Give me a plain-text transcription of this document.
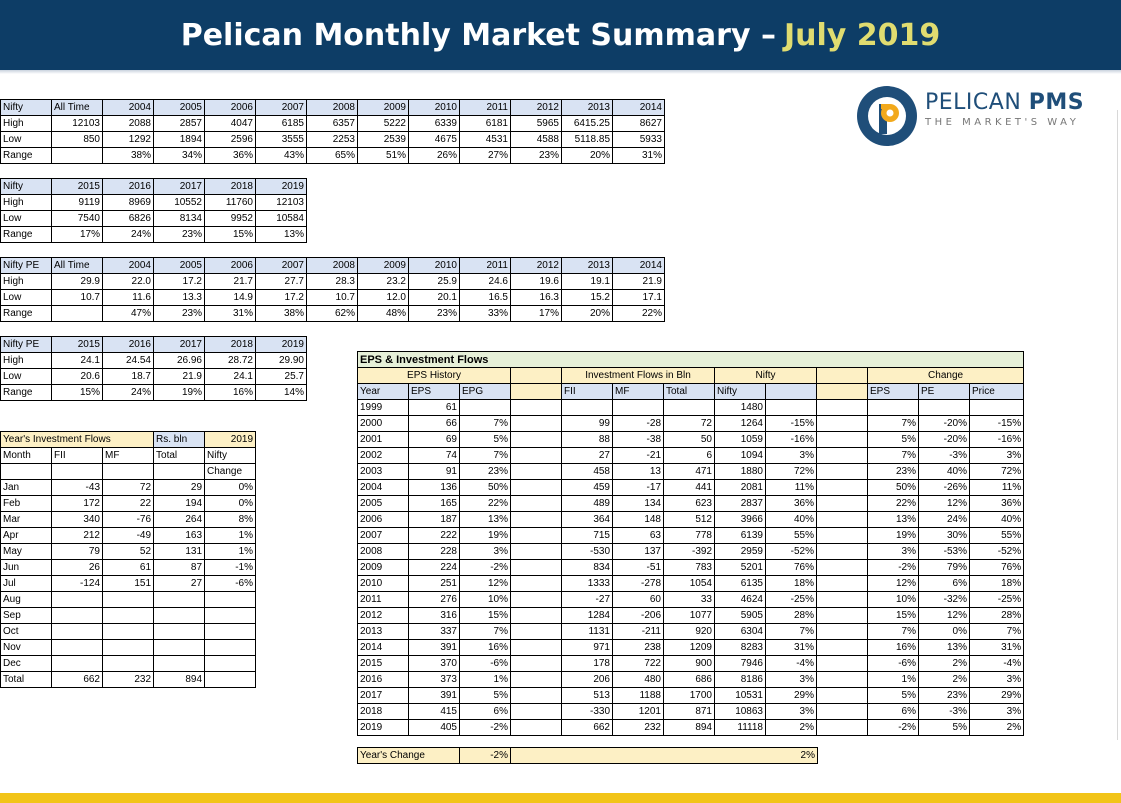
Pelican Monthly Market Summary – July 2019
PELICAN PMS
THE MARKET'S WAY
Nifty	All Time	2004	2005	2006	2007	2008	2009	2010	2011	2012	2013	2014
High	12103	2088	2857	4047	6185	6357	5222	6339	6181	5965	6415.25	8627
Low	850	1292	1894	2596	3555	2253	2539	4675	4531	4588	5118.85	5933
Range		38%	34%	36%	43%	65%	51%	26%	27%	23%	20%	31%
Nifty	2015	2016	2017	2018	2019
High	9119	8969	10552	11760	12103
Low	7540	6826	8134	9952	10584
Range	17%	24%	23%	15%	13%
Nifty PE	All Time	2004	2005	2006	2007	2008	2009	2010	2011	2012	2013	2014
High	29.9	22.0	17.2	21.7	27.7	28.3	23.2	25.9	24.6	19.6	19.1	21.9
Low	10.7	11.6	13.3	14.9	17.2	10.7	12.0	20.1	16.5	16.3	15.2	17.1
Range		47%	23%	31%	38%	62%	48%	23%	33%	17%	20%	22%
Nifty PE	2015	2016	2017	2018	2019
High	24.1	24.54	26.96	28.72	29.90
Low	20.6	18.7	21.9	24.1	25.7
Range	15%	24%	19%	16%	14%
Year's Investment Flows			Rs. bln	2019
Month	FII	MF	Total	Nifty
				Change
Jan	-43	72	29	0%
Feb	172	22	194	0%
Mar	340	-76	264	8%
Apr	212	-49	163	1%
May	79	52	131	1%
Jun	26	61	87	-1%
Jul	-124	151	27	-6%
Aug				
Sep				
Oct				
Nov				
Dec				
Total	662	232	894	
EPS & Investment Flows												
EPS History				Investment Flows in Bln			Nifty			Change		
Year	EPS	EPG		FII	MF	Total	Nifty			EPS	PE	Price
1999	61						1480					
2000	66	7%		99	-28	72	1264	-15%		7%	-20%	-15%
2001	69	5%		88	-38	50	1059	-16%		5%	-20%	-16%
2002	74	7%		27	-21	6	1094	3%		7%	-3%	3%
2003	91	23%		458	13	471	1880	72%		23%	40%	72%
2004	136	50%		459	-17	441	2081	11%		50%	-26%	11%
2005	165	22%		489	134	623	2837	36%		22%	12%	36%
2006	187	13%		364	148	512	3966	40%		13%	24%	40%
2007	222	19%		715	63	778	6139	55%		19%	30%	55%
2008	228	3%		-530	137	-392	2959	-52%		3%	-53%	-52%
2009	224	-2%		834	-51	783	5201	76%		-2%	79%	76%
2010	251	12%		1333	-278	1054	6135	18%		12%	6%	18%
2011	276	10%		-27	60	33	4624	-25%		10%	-32%	-25%
2012	316	15%		1284	-206	1077	5905	28%		15%	12%	28%
2013	337	7%		1131	-211	920	6304	7%		7%	0%	7%
2014	391	16%		971	238	1209	8283	31%		16%	13%	31%
2015	370	-6%		178	722	900	7946	-4%		-6%	2%	-4%
2016	373	1%		206	480	686	8186	3%		1%	2%	3%
2017	391	5%		513	1188	1700	10531	29%		5%	23%	29%
2018	415	6%		-330	1201	871	10863	3%		6%	-3%	3%
2019	405	-2%		662	232	894	11118	2%		-2%	5%	2%
Year's Change	-2%	2%
